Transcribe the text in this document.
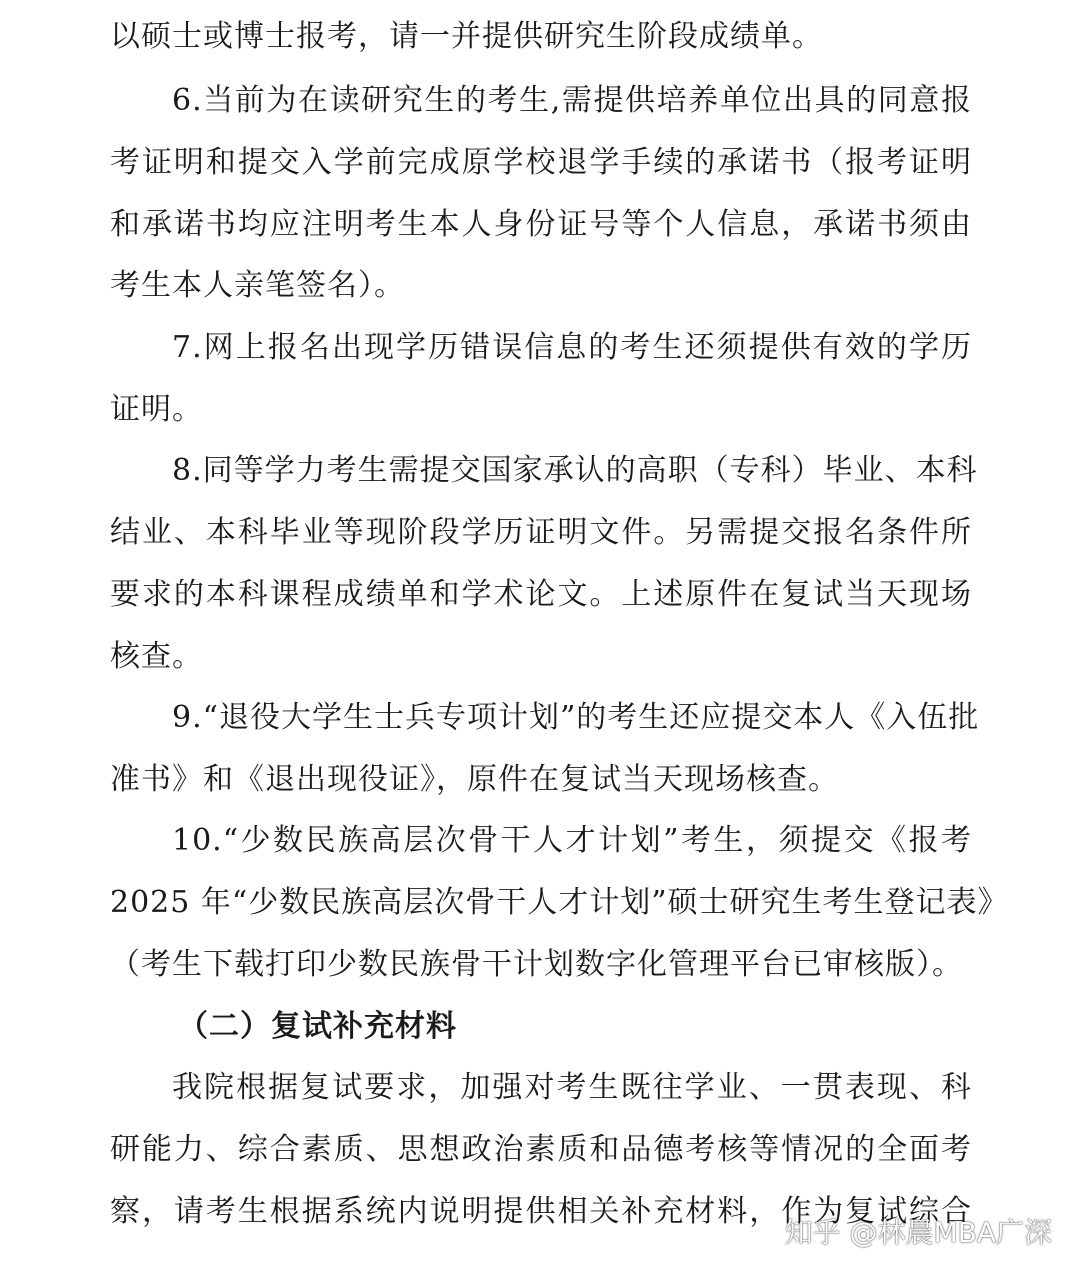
以硕士或博士报考，请一并提供研究生阶段成绩单。
6.当前为在读研究生的考生,需提供培养单位出具的同意报
考证明和提交入学前完成原学校退学手续的承诺书（报考证明
和承诺书均应注明考生本人身份证号等个人信息，承诺书须由
考生本人亲笔签名）。
7.网上报名出现学历错误信息的考生还须提供有效的学历
证明。
8.同等学力考生需提交国家承认的高职（专科）毕业、本科
结业、本科毕业等现阶段学历证明文件。另需提交报名条件所
要求的本科课程成绩单和学术论文。上述原件在复试当天现场
核查。
9.“退役大学生士兵专项计划”的考生还应提交本人《入伍批
准书》和《退出现役证》，原件在复试当天现场核查。
10.“少数民族高层次骨干人才计划”考生，须提交《报考
2025 年“少数民族高层次骨干人才计划”硕士研究生考生登记表》
（考生下载打印少数民族骨干计划数字化管理平台已审核版）。
（二）复试补充材料
我院根据复试要求，加强对考生既往学业、一贯表现、科
研能力、综合素质、思想政治素质和品德考核等情况的全面考
察，请考生根据系统内说明提供相关补充材料，作为复试综合
知乎 @林晨MBA广深
